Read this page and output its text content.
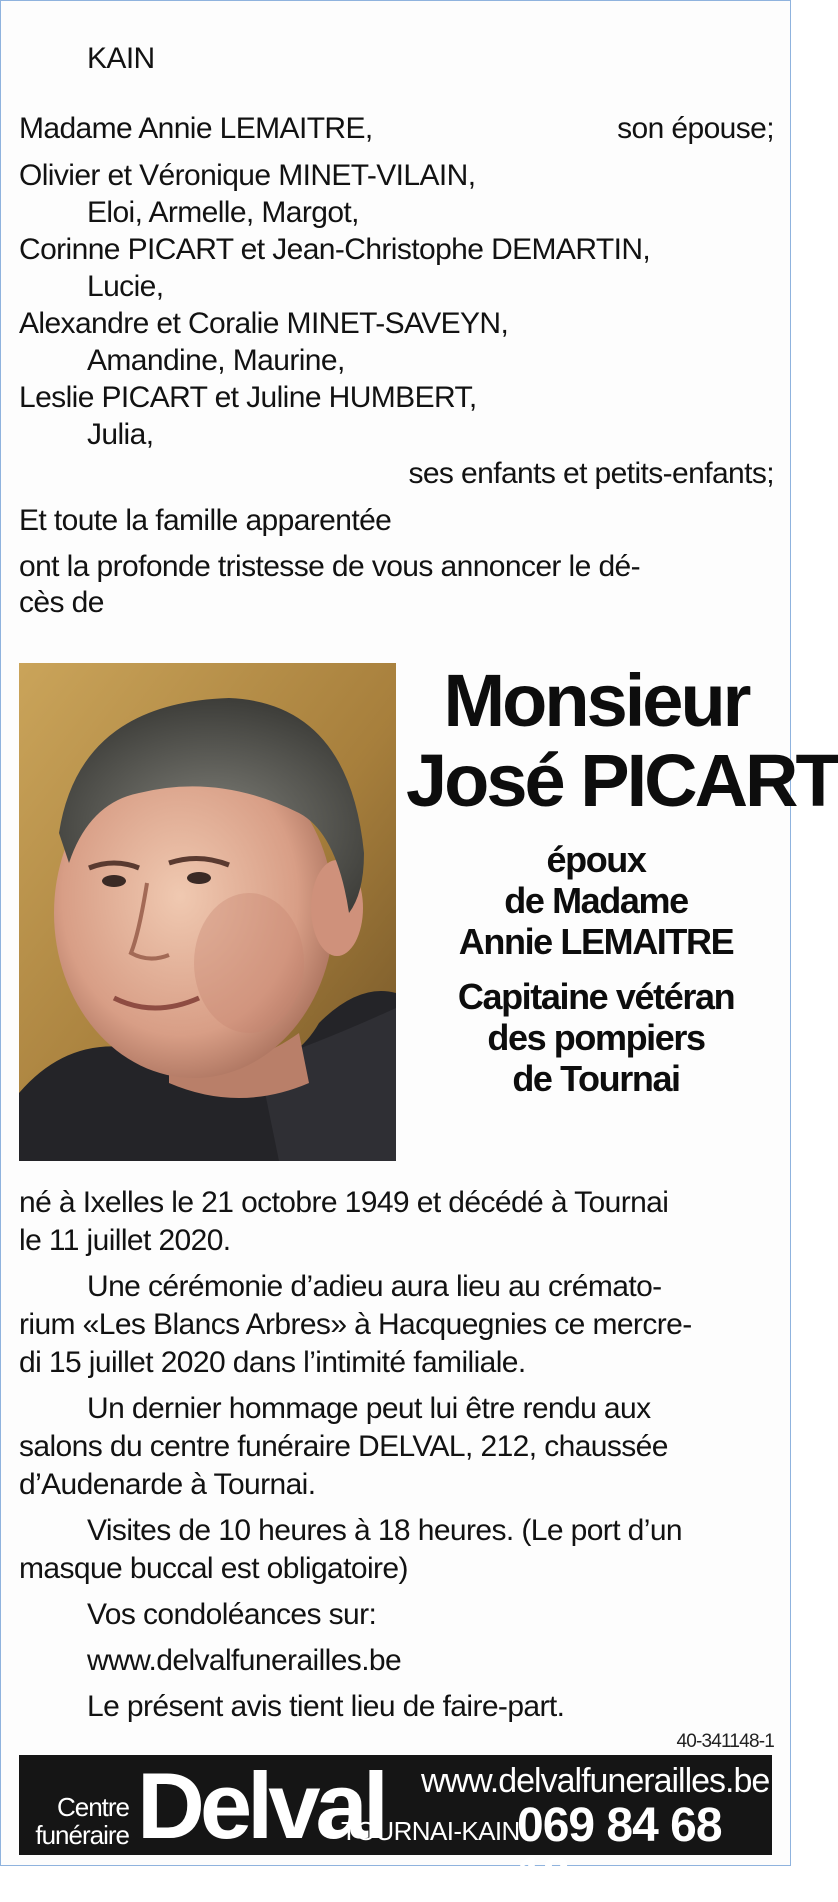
KAIN
Madame Annie LEMAITRE,	son épouse;
Olivier et Véronique MINET-VILAIN,
Eloi, Armelle, Margot,
Corinne PICART et Jean-Christophe DEMARTIN,
Lucie,
Alexandre et Coralie MINET-SAVEYN,
Amandine, Maurine,
Leslie PICART et Juline HUMBERT,
Julia,
ses enfants et petits-enfants;
Et toute la famille apparentée
ont la profonde tristesse de vous annoncer le dé-
cès de
Monsieur
José PICART
époux
de Madame
Annie LEMAITRE
Capitaine vétéran
des pompiers
de Tournai
né à Ixelles le 21 octobre 1949 et décédé à Tournai
le 11 juillet 2020.
Une cérémonie d’adieu aura lieu au crémato-
rium «Les Blancs Arbres» à Hacquegnies ce mercre-
di 15 juillet 2020 dans l’intimité familiale.
Un dernier hommage peut lui être rendu aux
salons du centre funéraire DELVAL, 212, chaussée
d’Audenarde à Tournai.
Visites de 10 heures à 18 heures. (Le port d’un
masque buccal est obligatoire)
Vos condoléances sur:
www.delvalfunerailles.be
Le présent avis tient lieu de faire-part.
40-341148-1
Centre
funéraire Delval www.delvalfunerailles.be
TOURNAI-KAIN
069 84 68 18
